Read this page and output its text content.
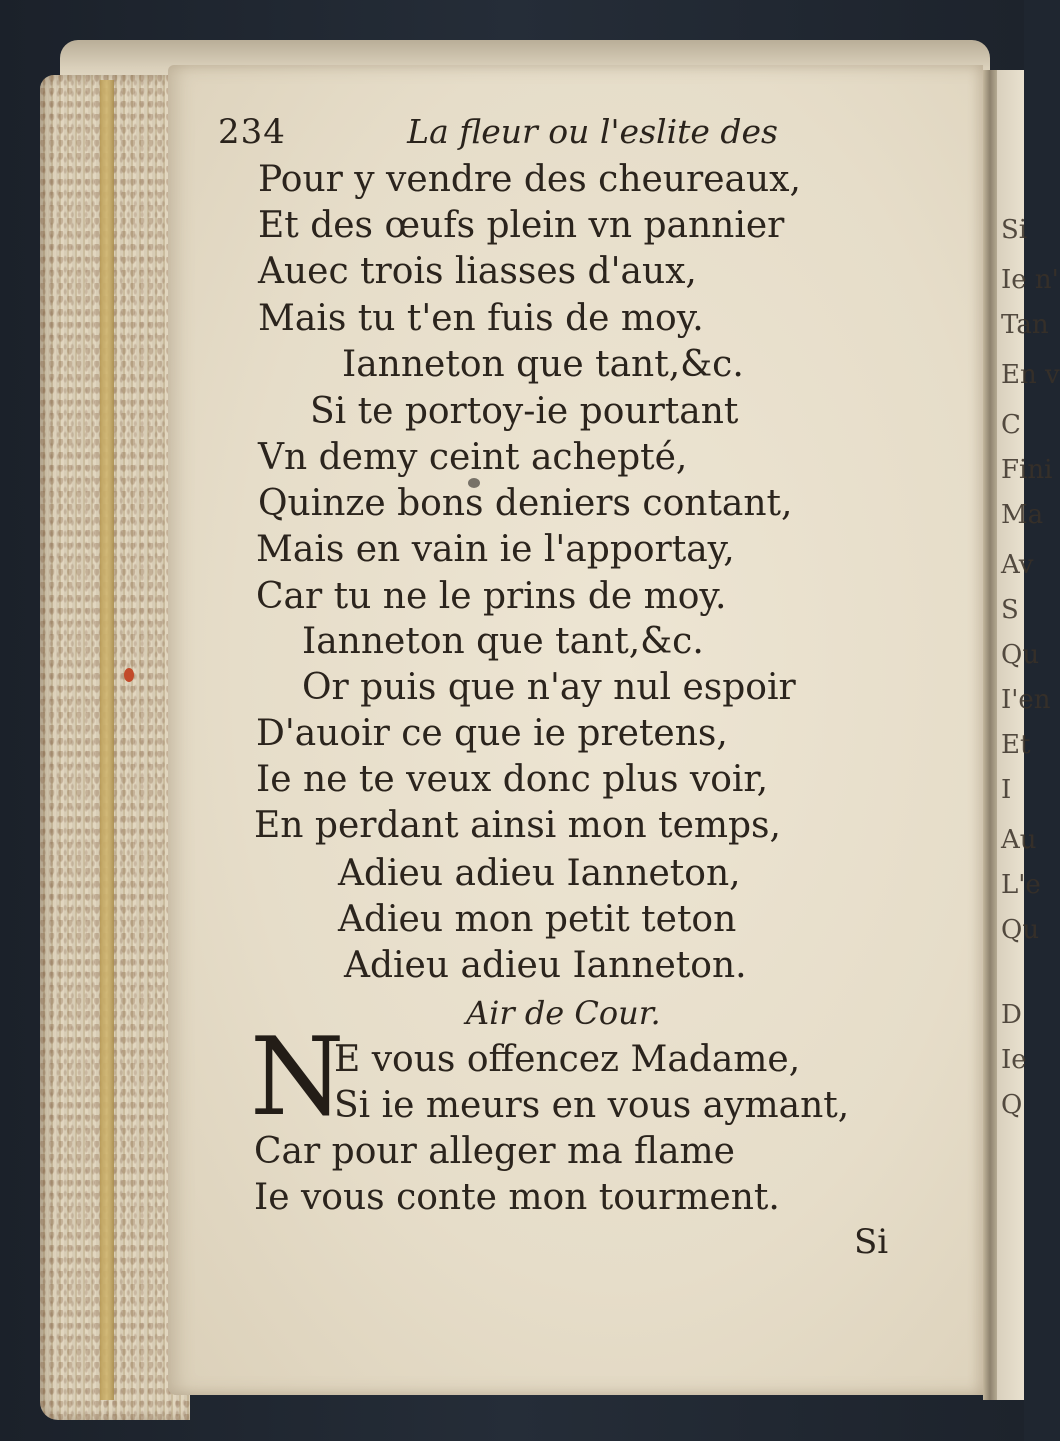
Si
Ie n'
Tan
En v
C
Fini
Ma
Av
S
Qu
I'en
Et
I
Au
L'e
Qu
D
Ie
Q
234	La fleur ou l'eslite des
Pour y vendre des cheureaux,
Et des œufs plein vn pannier
Auec trois liasses d'aux,
Mais tu t'en fuis de moy.
Ianneton que tant,&c.
Si te portoy-ie pourtant
Vn demy ceint achepté,
Quinze bons deniers contant,
Mais en vain ie l'apportay,
Car tu ne le prins de moy.
Ianneton que tant,&c.
Or puis que n'ay nul espoir
D'auoir ce que ie pretens,
Ie ne te veux donc plus voir,
En perdant ainsi mon temps,
Adieu adieu Ianneton,
Adieu mon petit teton
Adieu adieu Ianneton.
Air de Cour.
N
E vous offencez Madame,
Si ie meurs en vous aymant,
Car pour alleger ma flame
Ie vous conte mon tourment.
Si
